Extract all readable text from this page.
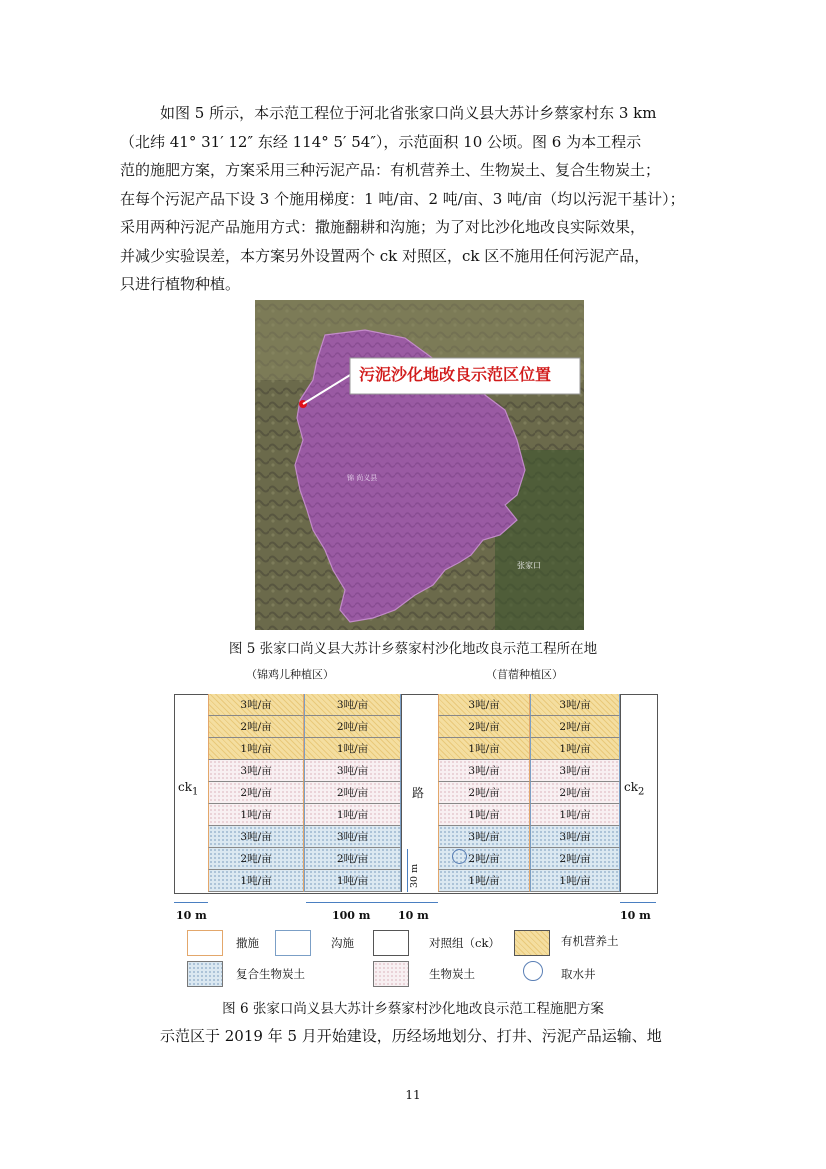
如图 5 所示，本示范工程位于河北省张家口尚义县大苏计乡蔡家村东 3 km
（北纬 41° 31′ 12″ 东经 114° 5′ 54″），示范面积 10 公顷。图 6 为本工程示
范的施肥方案，方案采用三种污泥产品：有机营养土、生物炭土、复合生物炭土；
在每个污泥产品下设 3 个施用梯度：1 吨/亩、2 吨/亩、3 吨/亩（均以污泥干基计）；
采用两种污泥产品施用方式：撒施翻耕和沟施；为了对比沙化地改良实际效果，
并减少实验误差，本方案另外设置两个 ck 对照区，ck 区不施用任何污泥产品，
只进行植物种植。
污泥沙化地改良示范区位置
锦 尚义县
张家口
图 5 张家口尚义县大苏计乡蔡家村沙化地改良示范工程所在地
（锦鸡儿种植区）	（苜蓿种植区）
$ck_1$	$ck_2$
路
3吨/亩	3吨/亩	3吨/亩	3吨/亩
2吨/亩	2吨/亩	2吨/亩	2吨/亩
1吨/亩	1吨/亩	1吨/亩	1吨/亩
3吨/亩	3吨/亩	3吨/亩	3吨/亩
2吨/亩	2吨/亩	2吨/亩	2吨/亩
1吨/亩	1吨/亩	1吨/亩	1吨/亩
3吨/亩	3吨/亩	3吨/亩	3吨/亩
2吨/亩	2吨/亩	2吨/亩	2吨/亩
1吨/亩	1吨/亩	1吨/亩	1吨/亩
30 m
10 m	100 m	10 m	10 m
撒施	沟施	对照组（ck）	有机营养土
复合生物炭土	生物炭土	取水井
图 6 张家口尚义县大苏计乡蔡家村沙化地改良示范工程施肥方案
示范区于 2019 年 5 月开始建设，历经场地划分、打井、污泥产品运输、地
11
